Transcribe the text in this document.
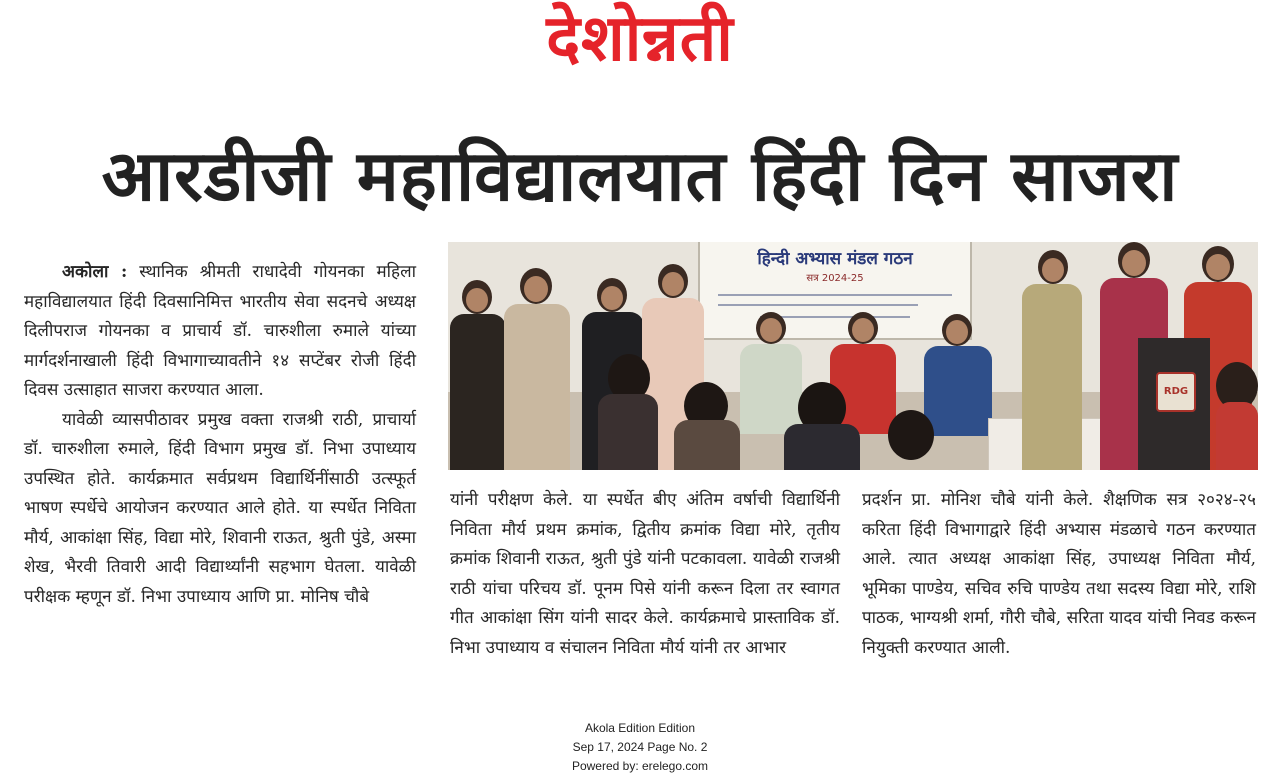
देशोन्नती
आरडीजी महाविद्यालयात हिंदी दिन साजरा

अकोला : स्थानिक श्रीमती राधादेवी गोयनका महिला महाविद्यालयात हिंदी दिवसानिमित्त भारतीय सेवा सदनचे अध्यक्ष दिलीपराज गोयनका व प्राचार्य डॉ. चारुशीला रुमाले यांच्या मार्गदर्शनाखाली हिंदी विभागाच्यावतीने १४ सप्टेंबर रोजी हिंदी दिवस उत्साहात साजरा करण्यात आला.

यावेळी व्यासपीठावर प्रमुख वक्ता राजश्री राठी, प्राचार्या डॉ. चारुशीला रुमाले, हिंदी विभाग प्रमुख डॉ. निभा उपाध्याय उपस्थित होते. कार्यक्रमात सर्वप्रथम विद्यार्थिनींसाठी उत्स्फूर्त भाषण स्पर्धेचे आयोजन करण्यात आले होते. या स्पर्धेत निविता मौर्य, आकांक्षा सिंह, विद्या मोरे, शिवानी राऊत, श्रुती पुंडे, अस्मा शेख, भैरवी तिवारी आदी विद्यार्थ्यांनी सहभाग घेतला. यावेळी परीक्षक म्हणून डॉ. निभा उपाध्याय आणि प्रा. मोनिष चौबे

हिन्दी अभ्यास मंडल गठन
सत्र 2024-25
RDG

यांनी परीक्षण केले. या स्पर्धेत बीए अंतिम वर्षाची विद्यार्थिनी निविता मौर्य प्रथम क्रमांक, द्वितीय क्रमांक विद्या मोरे, तृतीय क्रमांक शिवानी राऊत, श्रुती पुंडे यांनी पटकावला. यावेळी राजश्री राठी यांचा परिचय डॉ. पूनम पिसे यांनी करून दिला तर स्वागत गीत आकांक्षा सिंग यांनी सादर केले. कार्यक्रमाचे प्रास्ताविक डॉ. निभा उपाध्याय व संचालन निविता मौर्य यांनी तर आभार

प्रदर्शन प्रा. मोनिश चौबे यांनी केले. शैक्षणिक सत्र २०२४-२५ करिता हिंदी विभागाद्वारे हिंदी अभ्यास मंडळाचे गठन करण्यात आले. त्यात अध्यक्ष आकांक्षा सिंह, उपाध्यक्ष निविता मौर्य, भूमिका पाण्डेय, सचिव रुचि पाण्डेय तथा सदस्य विद्या मोरे, राशि पाठक, भाग्यश्री शर्मा, गौरी चौबे, सरिता यादव यांची निवड करून नियुक्ती करण्यात आली.

Akola Edition Edition
Sep 17, 2024 Page No. 2
Powered by: erelego.com
